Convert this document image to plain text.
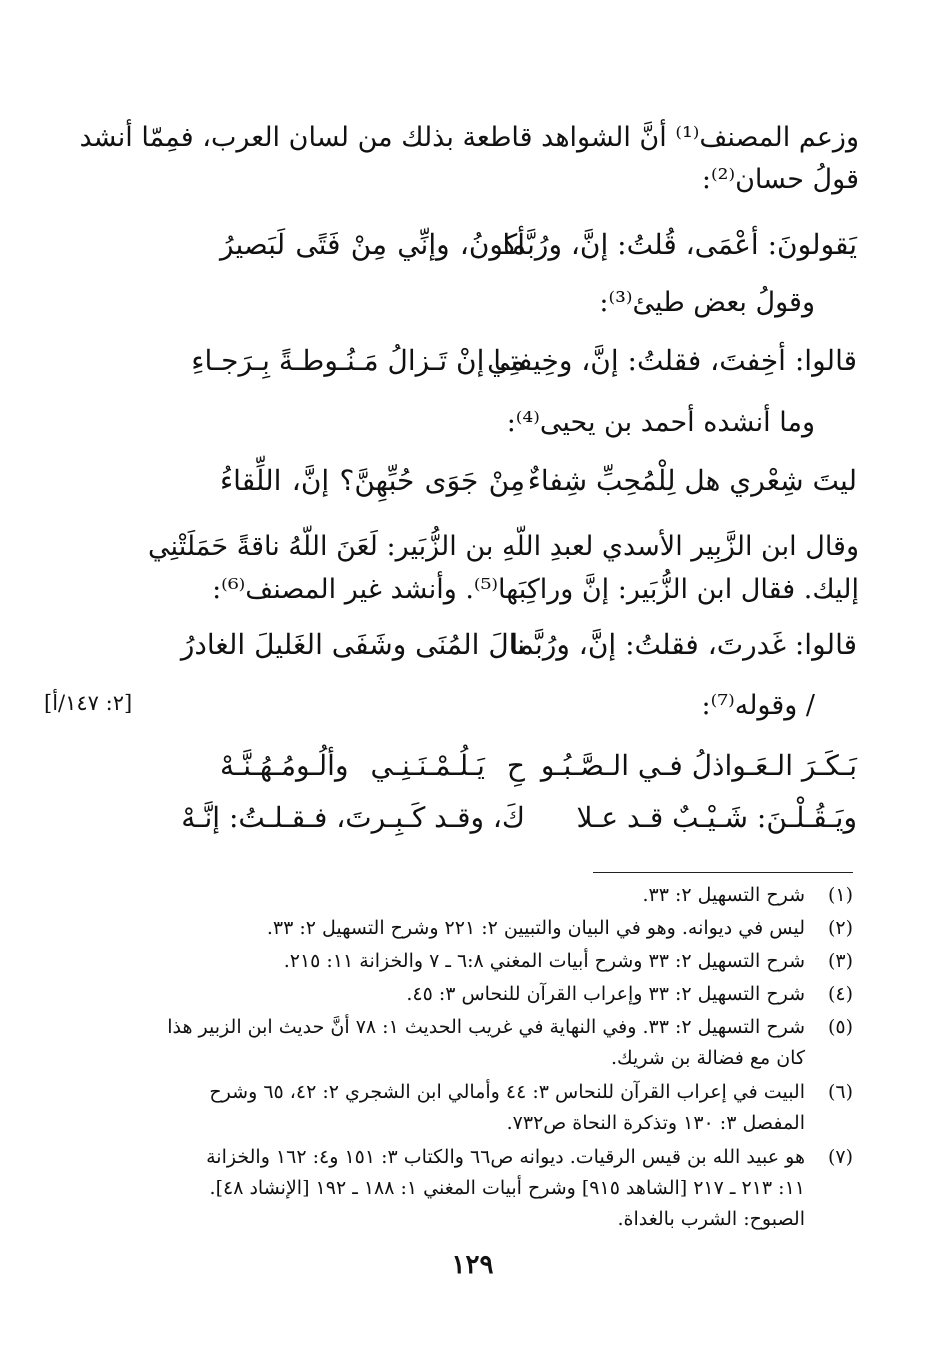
وزعم المصنف⁽¹⁾ أنَّ الشواهد قاطعة بذلك من لسان العرب، فمِمّا أنشد
قولُ حسان⁽²⁾:
يَقولونَ: أعْمَى، قُلتُ: إنَّ، ورُبَّما
أكونُ، وإنِّي مِنْ فَتًى لَبَصيرُ
وقولُ بعض طيئ⁽³⁾:
قالوا: أخِفتَ، فقلتُ: إنَّ، وخِيفتِي
مـا إنْ تَـزالُ مَـنُـوطـةً بِـرَجـاءِ
وما أنشده أحمد بن يحيى⁽⁴⁾:
ليتَ شِعْري هل لِلْمُحِبِّ شِفاءٌ
مِنْ جَوَى حُبِّهِنَّ؟ إنَّ، اللِّقاءُ
وقال ابن الزَّبِير الأسدي لعبدِ اللّهِ بن الزُّبَير: لَعَنَ اللّهُ ناقةً حَمَلَتْنِي
إليك. فقال ابن الزُّبَير: إنَّ وراكِبَها⁽⁵⁾. وأنشد غير المصنف⁽⁶⁾:
قالوا: غَدرتَ، فقلتُ: إنَّ، ورُبَّما
نالَ المُنَى وشَفَى الغَليلَ الغادرُ
/ وقوله⁽⁷⁾:
بَـكَـرَ الـعَـواذلُ فـي الـصَّـبُـو
حِ يَـلُـمْـنَـنِـي وألُـومُـهُـنَّـهْ
ويَـقُـلْـنَ: شَـيْـبٌ قـد عـلا
كَ، وقـد كَـبِـرتَ، فـقـلـتُ: إنَّـهْ
(١)
شرح التسهيل ٢: ٣٣.
(٢)
ليس في ديوانه. وهو في البيان والتبيين ٢: ٢٢١ وشرح التسهيل ٢: ٣٣.
(٣)
شرح التسهيل ٢: ٣٣ وشرح أبيات المغني ٦:٨ ـ ٧ والخزانة ١١: ٢١٥.
(٤)
شرح التسهيل ٢: ٣٣ وإعراب القرآن للنحاس ٣: ٤٥.
(٥)
شرح التسهيل ٢: ٣٣. وفي النهاية في غريب الحديث ١: ٧٨ أنَّ حديث ابن الزبير هذا
كان مع فضالة بن شريك.
(٦)
البيت في إعراب القرآن للنحاس ٣: ٤٤ وأمالي ابن الشجري ٢: ٤٢، ٦٥ وشرح
المفصل ٣: ١٣٠ وتذكرة النحاة ص٧٣٢.
(٧)
هو عبيد الله بن قيس الرقيات. ديوانه ص٦٦ والكتاب ٣: ١٥١ و٤: ١٦٢ والخزانة
١١: ٢١٣ ـ ٢١٧ [الشاهد ٩١٥] وشرح أبيات المغني ١: ١٨٨ ـ ١٩٢ [الإنشاد ٤٨].
الصبوح: الشرب بالغداة.
١٢٩
[٢: ١٤٧/أ]
